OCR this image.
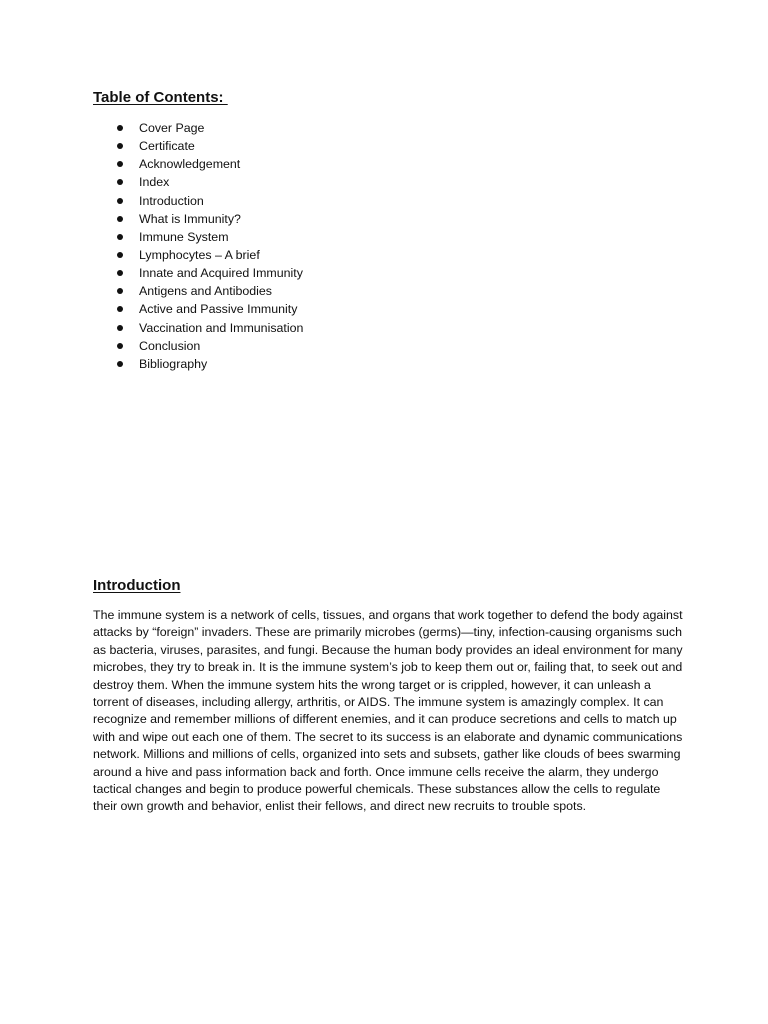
Table of Contents:
Cover Page
Certificate
Acknowledgement
Index
Introduction
What is Immunity?
Immune System
Lymphocytes – A brief
Innate and Acquired Immunity
Antigens and Antibodies
Active and Passive Immunity
Vaccination and Immunisation
Conclusion
Bibliography
Introduction

The immune system is a network of cells, tissues, and organs that work together to defend the body against attacks by “foreign” invaders. These are primarily microbes (germs)—tiny, infection-causing organisms such as bacteria, viruses, parasites, and fungi. Because the human body provides an ideal environment for many microbes, they try to break in. It is the immune system’s job to keep them out or, failing that, to seek out and destroy them. When the immune system hits the wrong target or is crippled, however, it can unleash a torrent of diseases, including allergy, arthritis, or AIDS. The immune system is amazingly complex. It can recognize and remember millions of different enemies, and it can produce secretions and cells to match up with and wipe out each one of them. The secret to its success is an elaborate and dynamic communications network. Millions and millions of cells, organized into sets and subsets, gather like clouds of bees swarming around a hive and pass information back and forth. Once immune cells receive the alarm, they undergo tactical changes and begin to produce powerful chemicals. These substances allow the cells to regulate their own growth and behavior, enlist their fellows, and direct new recruits to trouble spots.
